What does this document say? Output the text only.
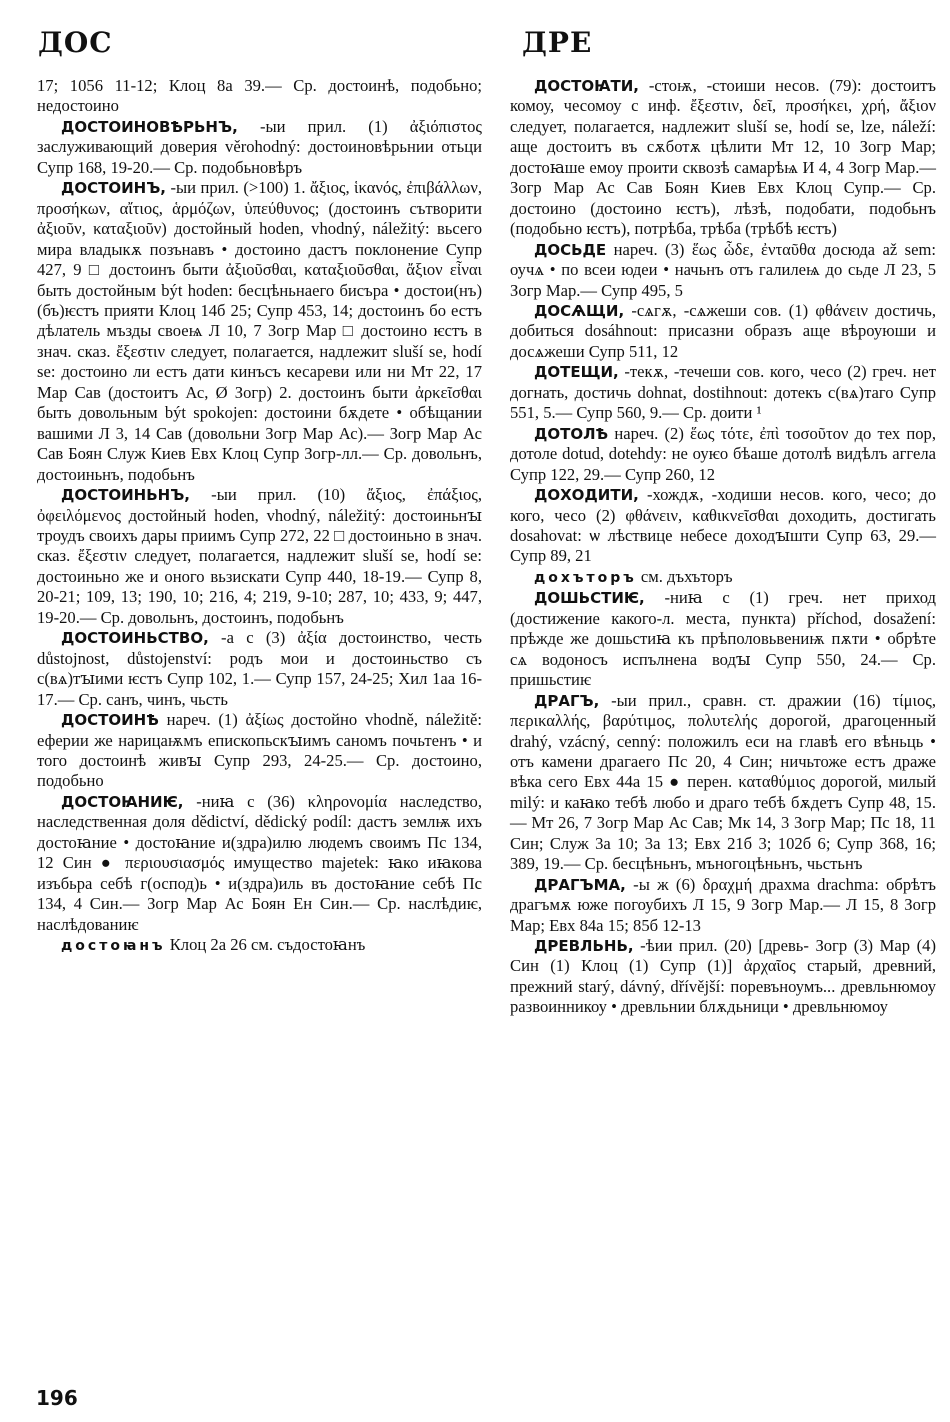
ДОС	ДРЕ

17; 1056 11-12; Клоц 8а 39.— Ср. достоинѣ, подобьно; недостоино

ДОСТОИНОВѢРЬНЪ, -ыи прил. (1) ἀξιόπιστος заслуживающий доверия věrohodný: достоиновѣрьнии отьци Супр 168, 19-20.— Ср. подобьновѣръ

ДОСТОИНЪ, -ыи прил. (>100) 1. ἄξιος, ἱκανός, ἐπιβάλλων, προσήκων, αἴτιος, ἁρμόζων, ὑπεύθυνος; (достоинъ сътворити ἀξιοῦν, καταξιοῦν) достойный hoden, vhodný, náležitý: вьсего мира владыкѫ позънавъ • достоино дастъ поклонение Супр 427, 9 □ достоинъ быти ἀξιοῦσθαι, καταξιοῦσθαι, ἄξιον εἶναι быть достойным být hoden: бесцѣньнаего бисъра • достои(нъ) (бъ)ѥстъ прияти Клоц 14б 25; Супр 453, 14; достоинъ бо естъ дѣлатель мъзды своеѩ Л 10, 7 Зогр Мар □ достоино ѥстъ в знач. сказ. ἔξεστιν следует, полагается, надлежит sluší se, hodí se: достоино ли естъ дати кинъсъ кесареви или ни Мт 22, 17 Мар Сав (достоитъ Ас, Ø Зогр) 2. достоинъ быти ἀρκεῖσθαι быть довольным být spokojen: достоини бѫдете • обѣщании вашими Л 3, 14 Сав (довольни Зогр Мар Ас).— Зогр Мар Ас Сав Боян Служ Киев Евх Клоц Супр Зогр-лл.— Ср. довольнъ, достоиньнъ, подобьнъ

ДОСТОИНЬНЪ, -ыи прил. (10) ἄξιος, ἐπάξιος, ὀφειλόμενος достойный hoden, vhodný, náležitý: достоиньнꙑ троудъ своихъ дары приимъ Супр 272, 22 □ достоиньно в знач. сказ. ἔξεστιν следует, полагается, надлежит sluší se, hodí se: достоиньно же и оного вьзискати Супр 440, 18-19.— Супр 8, 20-21; 109, 13; 190, 10; 216, 4; 219, 9-10; 287, 10; 433, 9; 447, 19-20.— Ср. довольнъ, достоинъ, подобьнъ

ДОСТОИНЬСТВО, -а с (3) ἀξία достоинство, честь důstojnost, důstojenství: родъ мои и достоиньство съ с(вѧ)тꙑими ѥстъ Супр 102, 1.— Супр 157, 24-25; Хил 1аа 16-17.— Ср. санъ, чинъ, чьсть

ДОСТОИНѢ нареч. (1) ἀξίως достойно vhodně, náležitě: ефеpии же нарицаѭмъ епископьскꙑимъ саномъ почьтенъ • и того достоинѣ живꙑ Супр 293, 24-25.— Ср. достоино, подобьно

ДОСТОꙖНИѤ, -ниꙗ с (36) κληρονομία наследство, наследственная доля dědictví, dědický podíl: дастъ землѭ ихъ достоꙗние • достоꙗние и(здра)илю людемъ своимъ Пс 134, 12 Син ● περιουσιασμός имущество majetek: ꙗко иꙗкова изъбьра себѣ г(оспод)ь • и(здра)иль въ достоꙗние себѣ Пс 134, 4 Син.— Зогр Мар Ас Боян Ен Син.— Ср. наслѣдиѥ, наслѣдованиѥ

достоꙗнъ Клоц 2а 26 см. съдостоꙗнъ

ДОСТОꙖТИ, -стоѭ, -стоиши несов. (79): достоитъ комоу, чесомоу с инф. ἔξεστιν, δεῖ, προσήκει, χρή, ἄξιον следует, полагается, надлежит sluší se, hodí se, lze, náleží: аще достоитъ въ сѫботѫ цѣлити Мт 12, 10 Зогр Мар; достоꙗше емоу проити сквозѣ самарѣѩ И 4, 4 Зогр Мар.— Зогр Мар Ас Сав Боян Киев Евх Клоц Супр.— Ср. достоино (достоино ѥстъ), лѣзѣ, подобати, подобьнъ (подобьно ѥстъ), потрѣба, трѣба (трѣбѣ ѥстъ)

ДОСЬДЕ нареч. (3) ἕως ὧδε, ἐνταῦθα досюда až sem: оучѧ • по всеи юдеи • начьнъ отъ галилеѩ до сьде Л 23, 5 Зогр Мар.— Супр 495, 5

ДОСѦЩИ, -сѧгѫ, -сѧжеши сов. (1) φθάνειν достичь, добиться dosáhnout: присазни образъ аще вѣроуюши и досѧжеши Супр 511, 12

ДОТЕЩИ, -текѫ, -течеши сов. кого, чесо (2) греч. нет догнать, достичь dohnat, dostihnout: дотекъ с(вѧ)таго Супр 551, 5.— Супр 560, 9.— Ср. доити ¹

ДОТОЛѢ нареч. (2) ἕως τότε, ἐπὶ τοσοῦτον до тех пор, дотоле dotud, dotehdy: не оуѥо бѣаше дотолѣ видѣлъ аггела Супр 122, 29.— Супр 260, 12

ДОХОДИТИ, -хождѫ, -ходиши несов. кого, чесо; до кого, чесо (2) φθάνειν, καθικνεῖσθαι доходить, достигать dosahovat: ѡ лѣствице небесе доходꙑшти Супр 63, 29.— Супр 89, 21

дохъторъ см. дъхъторъ

ДОШЬСТИѤ, -ниꙗ с (1) греч. нет приход (достижение какого-л. места, пункта) příchod, dosažení: прѣжде же дошьстиꙗ къ прѣполовьвениѭ пѫти • обрѣте сѧ водоносъ испълнена водꙑ Супр 550, 24.— Ср. пришьстиѥ

ДРАГЪ, -ыи прил., сравн. ст. дражии (16) τίμιος, περικαλλής, βαρύτιμος, πολυτελής дорогой, драгоценный drahý, vzácný, cenný: положилъ еси на главѣ его вѣньць • отъ камени драгаего Пс 20, 4 Син; ничьтоже естъ драже вѣка сего Евх 44а 15 ● перен. καταθύμιος дорогой, милый milý: и каꙗко тебѣ любо и драго тебѣ бѫдетъ Супр 48, 15.— Мт 26, 7 Зогр Мар Ас Сав; Мк 14, 3 Зогр Мар; Пс 18, 11 Син; Служ 3а 10; 3а 13; Евх 21б 3; 102б 6; Супр 368, 16; 389, 19.— Ср. бесцѣньнъ, мъногоцѣньнъ, чьстьнъ

ДРАГЪМА, -ы ж (6) δραχμή драхма drachma: обрѣтъ драгъмѫ юже погоубихъ Л 15, 9 Зогр Мар.— Л 15, 8 Зогр Мар; Евх 84а 15; 85б 12-13

ДРЕВЛЬНЬ, -ѣии прил. (20) [древь- Зогр (3) Мар (4) Син (1) Клоц (1) Супр (1)] ἀρχαῖος старый, древний, прежний starý, dávný, dřívější: поревъноумъ... древльнюмоу развоинникоу • древльнии блѫдьници • древльнюмоу

196
